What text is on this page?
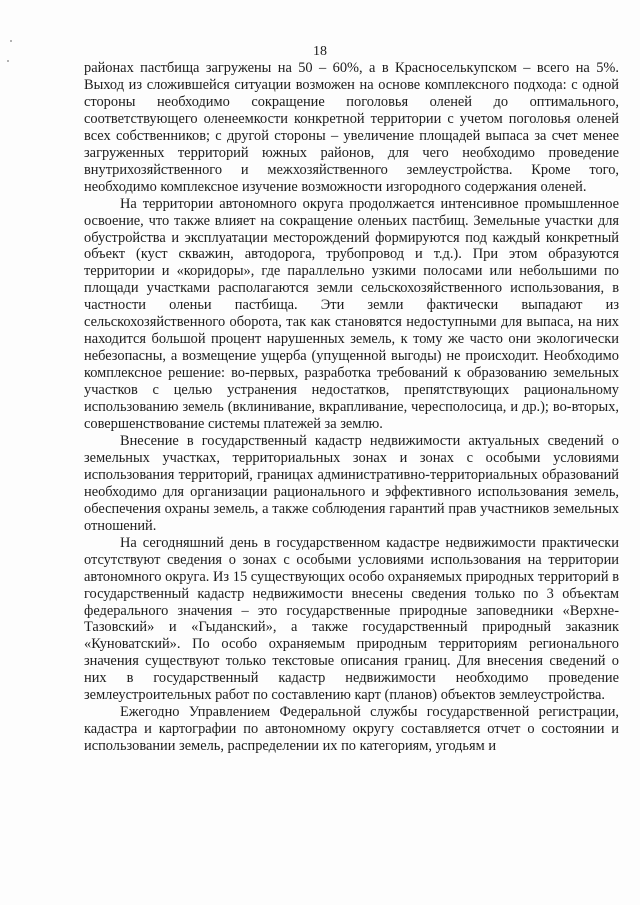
18

районах пастбища загружены на 50 – 60%, а в Красноселькупском – всего на 5%. Выход из сложившейся ситуации возможен на основе комплексного подхода: с одной стороны необходимо сокращение поголовья оленей до оптимального, соответствующего оленеемкости конкретной территории с учетом поголовья оленей всех собственников; с другой стороны – увеличение площадей выпаса за счет менее загруженных территорий южных районов, для чего необходимо проведение внутрихозяйственного и межхозяйственного землеустройства. Кроме того, необходимо комплексное изучение возможности изгородного содержания оленей.

На территории автономного округа продолжается интенсивное промышленное освоение, что также влияет на сокращение оленьих пастбищ. Земельные участки для обустройства и эксплуатации месторождений формируются под каждый конкретный объект (куст скважин, автодорога, трубопровод и т.д.). При этом образуются территории и «коридоры», где параллельно узкими полосами или небольшими по площади участками располагаются земли сельскохозяйственного использования, в частности оленьи пастбища. Эти земли фактически выпадают из сельскохозяйственного оборота, так как становятся недоступными для выпаса, на них находится большой процент нарушенных земель, к тому же часто они экологически небезопасны, а возмещение ущерба (упущенной выгоды) не происходит. Необходимо комплексное решение: во-первых, разработка требований к образованию земельных участков с целью устранения недостатков, препятствующих рациональному использованию земель (вклинивание, вкрапливание, чересполосица, и др.); во-вторых, совершенствование системы платежей за землю.

Внесение в государственный кадастр недвижимости актуальных сведений о земельных участках, территориальных зонах и зонах с особыми условиями использования территорий, границах административно-территориальных образований необходимо для организации рационального и эффективного использования земель, обеспечения охраны земель, а также соблюдения гарантий прав участников земельных отношений.

На сегодняшний день в государственном кадастре недвижимости практически отсутствуют сведения о зонах с особыми условиями использования на территории автономного округа. Из 15 существующих особо охраняемых природных территорий в государственный кадастр недвижимости внесены сведения только по 3 объектам федерального значения – это государственные природные заповедники «Верхне-Тазовский» и «Гыданский», а также государственный природный заказник «Куноватский». По особо охраняемым природным территориям регионального значения существуют только текстовые описания границ. Для внесения сведений о них в государственный кадастр недвижимости необходимо проведение землеустроительных работ по составлению карт (планов) объектов землеустройства.

Ежегодно Управлением Федеральной службы государственной регистрации, кадастра и картографии по автономному округу составляется отчет о состоянии и использовании земель, распределении их по категориям, угодьям и
